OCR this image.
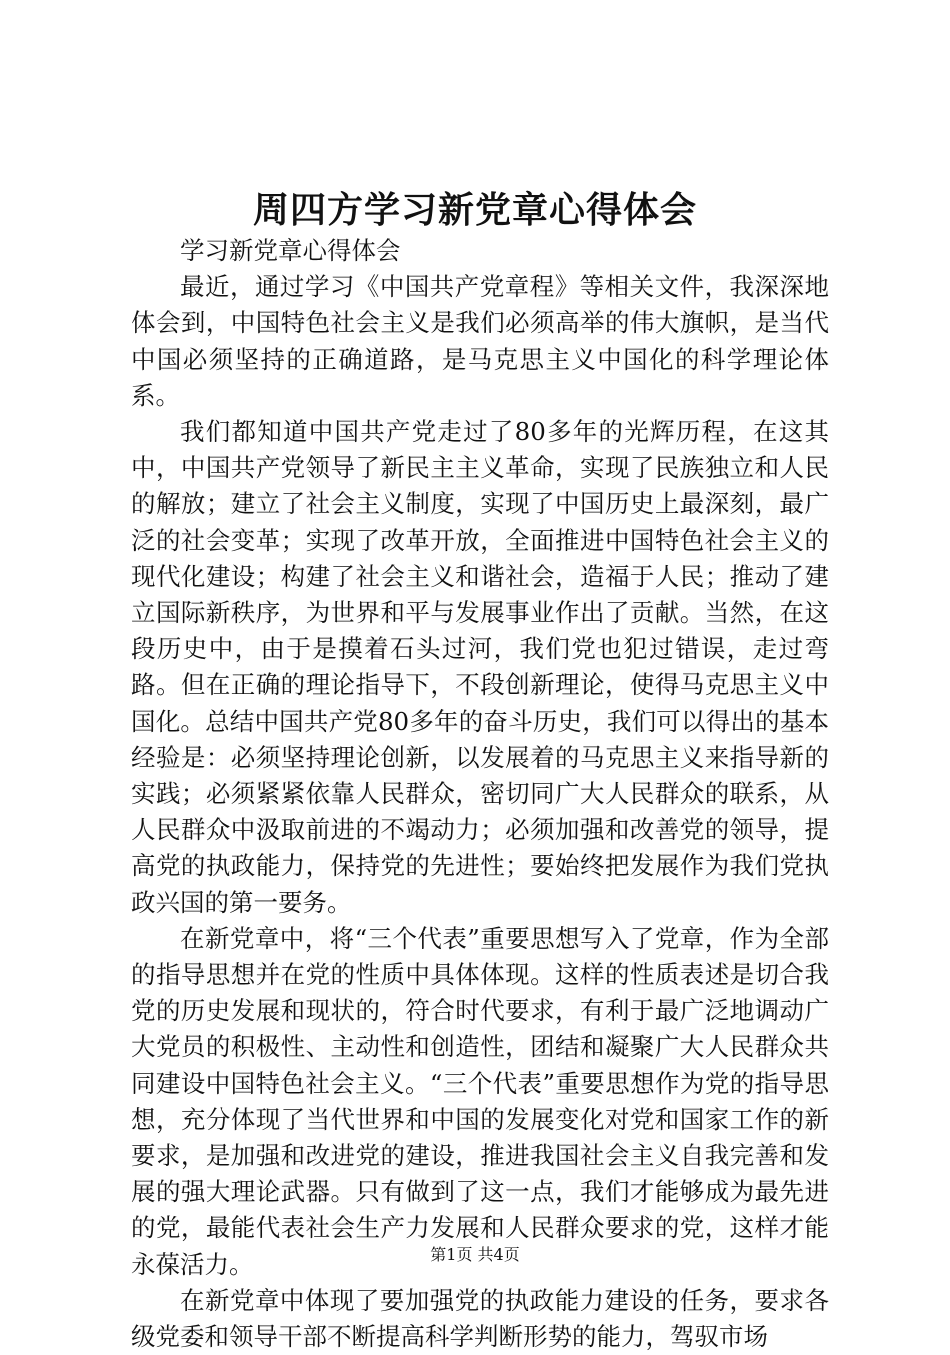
周四方学习新党章心得体会

学习新党章心得体会

最近，通过学习《中国共产党章程》等相关文件，我深深地体会到，中国特色社会主义是我们必须高举的伟大旗帜，是当代中国必须坚持的正确道路，是马克思主义中国化的科学理论体系。

我们都知道中国共产党走过了80多年的光辉历程，在这其中，中国共产党领导了新民主主义革命，实现了民族独立和人民的解放；建立了社会主义制度，实现了中国历史上最深刻，最广泛的社会变革；实现了改革开放，全面推进中国特色社会主义的现代化建设；构建了社会主义和谐社会，造福于人民；推动了建立国际新秩序，为世界和平与发展事业作出了贡献。当然，在这段历史中，由于是摸着石头过河，我们党也犯过错误，走过弯路。但在正确的理论指导下，不段创新理论，使得马克思主义中国化。总结中国共产党80多年的奋斗历史，我们可以得出的基本经验是：必须坚持理论创新，以发展着的马克思主义来指导新的实践；必须紧紧依靠人民群众，密切同广大人民群众的联系，从人民群众中汲取前进的不竭动力；必须加强和改善党的领导，提高党的执政能力，保持党的先进性；要始终把发展作为我们党执政兴国的第一要务。

在新党章中，将“三个代表”重要思想写入了党章，作为全部的指导思想并在党的性质中具体体现。这样的性质表述是切合我党的历史发展和现状的，符合时代要求，有利于最广泛地调动广大党员的积极性、主动性和创造性，团结和凝聚广大人民群众共同建设中国特色社会主义。“三个代表”重要思想作为党的指导思想，充分体现了当代世界和中国的发展变化对党和国家工作的新要求，是加强和改进党的建设，推进我国社会主义自我完善和发展的强大理论武器。只有做到了这一点，我们才能够成为最先进的党，最能代表社会生产力发展和人民群众要求的党，这样才能永葆活力。

在新党章中体现了要加强党的执政能力建设的任务，要求各级党委和领导干部不断提高科学判断形势的能力，驾驭市场

第1页 共4页
